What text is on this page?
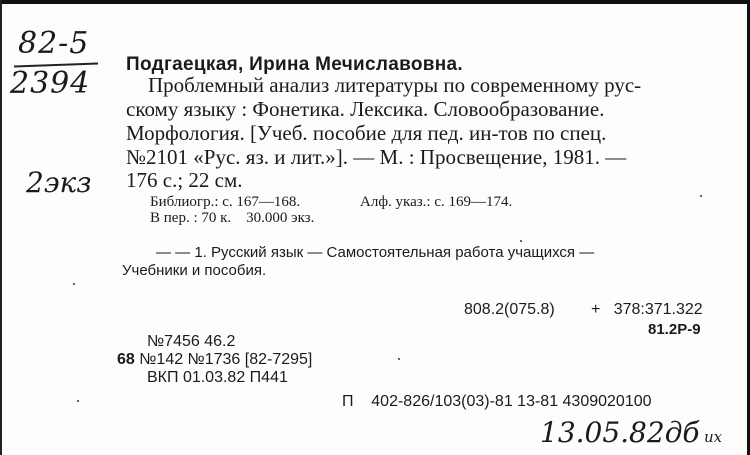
82-5
2394
2экз
Подгаецкая, Ирина Мечиславовна.
Проблемный анализ литературы по современному рус-
скому языку : Фонетика. Лексика. Словообразование.
Морфология. [Учеб. пособие для пед. ин-тов по спец.
№2101 «Рус. яз. и лит.»]. — М. : Просвещение, 1981. —
176 с.; 22 см.
Библиогр.: с. 167—168.	Алф. указ.: с. 169—174.
В пер. : 70 к.    30.000 экз.
— — 1. Русский язык — Самостоятельная работа учащихся —
Учебники и пособия.
808.2(075.8) + 378:371.322
81.2Р-9
№7456 46.2
68 №142 №1736 [82-7295]
ВКП 01.03.82 П441
П    402-826/103(03)-81 13-81 4309020100
13.05.82дб ux
